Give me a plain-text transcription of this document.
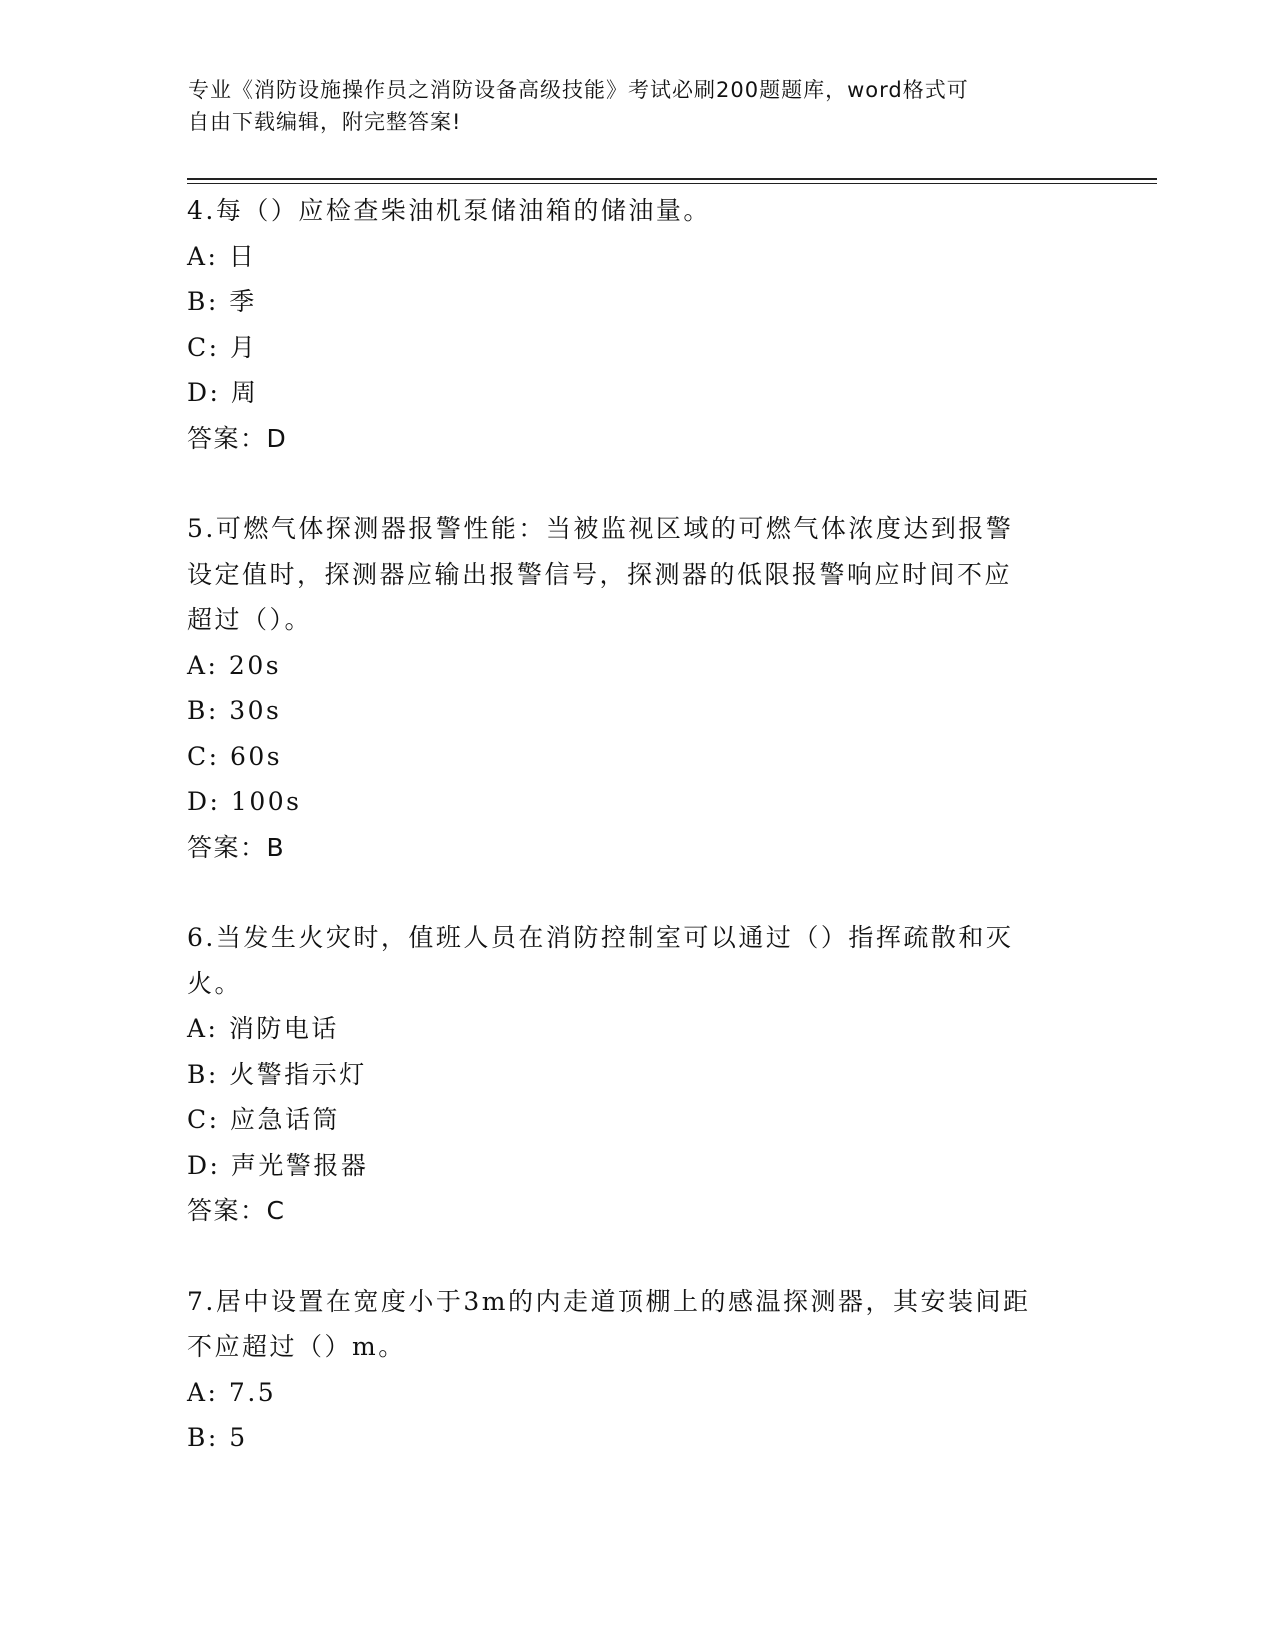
专业《消防设施操作员之消防设备高级技能》考试必刷200题题库，word格式可
自由下载编辑，附完整答案!
4.每（）应检查柴油机泵储油箱的储油量。
A: 日
B: 季
C: 月
D: 周
答案：D
5.可燃气体探测器报警性能：当被监视区域的可燃气体浓度达到报警
设定值时，探测器应输出报警信号，探测器的低限报警响应时间不应
超过（）。
A: 20s
B: 30s
C: 60s
D: 100s
答案：B
6.当发生火灾时，值班人员在消防控制室可以通过（）指挥疏散和灭
火。
A: 消防电话
B: 火警指示灯
C: 应急话筒
D: 声光警报器
答案：C
7.居中设置在宽度小于3m的内走道顶棚上的感温探测器，其安装间距
不应超过（）m。
A: 7.5
B: 5
